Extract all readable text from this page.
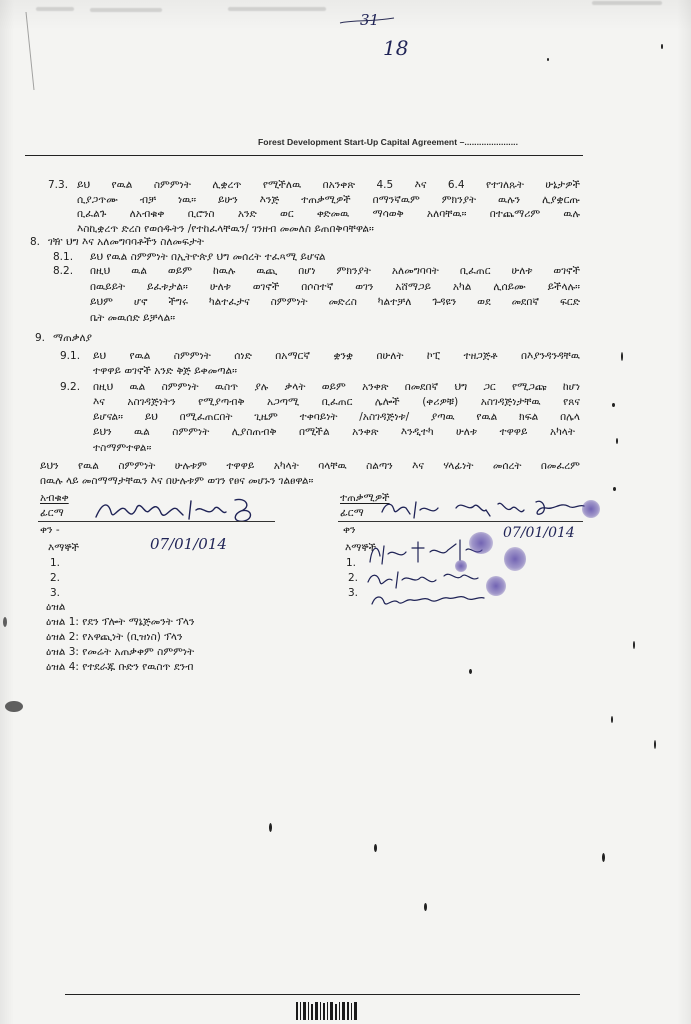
31
18
Forest Development Start-Up Capital Agreement –......................
7.3. ይህ የዉል ስምምነት ሊቋረጥ የሚችለዉ በአንቀጽ 4.5 እና 6.4 የተገለጹት ሁኔታዎች
ሲያጋጥሙ ብቻ ነዉ። ይሁን እንጅ ተጠቃሚዎች በማንኛዉም ምክንያት ዉሉን ሊያቋርጡ
ቢፈልጉ ለአብቁቀ ቢሮንስ አንድ ወር ቀድመዉ ማሳወቅ አለባቸዉ። በተጨማሪም ዉሉ
እስኪቋረጥ ድረስ የወሰዱትን /የተከፈላቸዉን/ ገንዘብ መመለስ ይጠበቅባቸዋል።
8. ገዥ ህግ እና አለመግባባቶችን ስለመፍታት
8.1. ይህ የዉል ስምምነት በኢትዮጵያ ህግ መሰረት ተፈጻሚ ይሆናል
8.2. በዚህ ዉል ወይም ከዉሉ ዉጪ በሆነ ምክንያት አለመግባባት ቢፈጠር ሁለቱ ወገኖች
በዉይይት ይፈቱታል። ሁለቱ ወገኖች በሶስተኛ ወገን አሸማጋይ አካል ሊሰይሙ ይችላሉ።
ይህም ሆኖ ችግሩ ካልተፈታና ስምምነት መድረስ ካልተቻለ ጉዳዩን ወደ መደበኛ ፍርድ
ቤት መዉሰድ ይቻላል።
9. ማጠቃለያ
9.1. ይህ የዉል ስምምነት ሰነድ በአማርኛ ቋንቋ በሁለት ኮፒ ተዘጋጅቶ በእያንዳንዳቸዉ
ተዋዋይ ወገኖች አንድ ቅጅ ይቀመጣል።
9.2. በዚህ ዉል ስምምነት ዉስጥ ያሉ ቃላት ወይም አንቀጽ በመደበኛ ህግ ጋር የሚጋጩ ከሆነ
እና አስገዳጅነትን የሚያጣብቅ አጋጣሚ ቢፈጠር ሌሎች (ቀሪዎቹ) አስገዳጅነታቸዉ የጸና
ይሆናል። ይህ በሚፈጠርበት ጊዜም ተቀባይነት /አስገዳጅነቱ/ ያጣዉ የዉል ክፍል በሌላ
ይህን ዉል ስምምነት ሊያስጠብቅ በሚችል አንቀጽ እንዲተካ ሁለቱ ተዋዋይ አካላት
ተስማምተዋል።
ይህን የዉል ስምምነት ሁሉቱም ተዋዋይ አካላት ባላቸዉ ስልጣን እና ሃላፊነት መሰረት በመፈረም
በዉሉ ላይ መስማማታቸዉን እና በሁሉቱም ወገን የፀና መሆኑን ገልፀዋል።
አብቁቀ
ፊርማ
ቀን -
07/01/014
እማኞች
1.
2.
3.
ተጠቃሚዎች
ፊርማ
ቀን	07/01/014
እማኞች
1.
2.
3.
ዕዝል
ዕዝል 1: የደን ፕሎት ማኔጅመንት ፕላን
ዕዝል 2: የአዋጪነት (ቢዝነስ) ፕላን
ዕዝል 3: የመሬት አጠቃቀም ስምምነት
ዕዝል 4: የተደራጁ ቡድን የዉስጥ ደንብ
